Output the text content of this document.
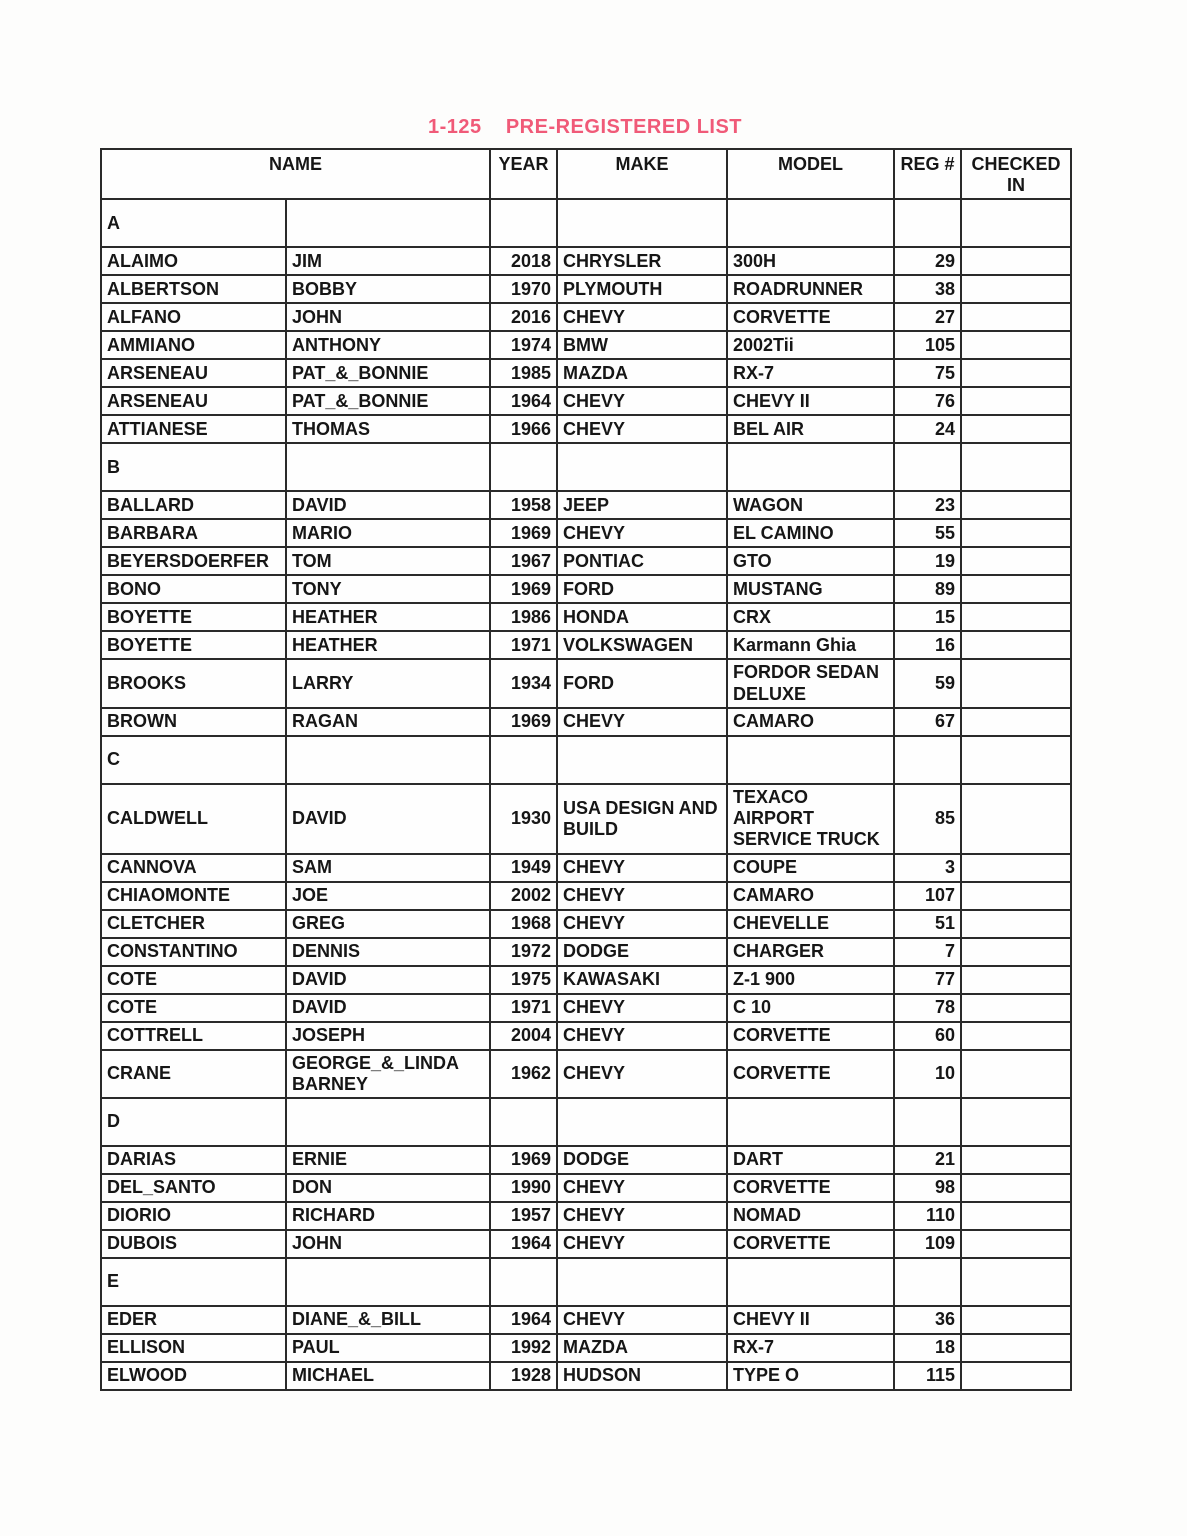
1-125    PRE-REGISTERED LIST
NAME		YEAR	MAKE	MODEL	REG #	CHECKED IN
A						
ALAIMO	JIM	2018	CHRYSLER	300H	29	
ALBERTSON	BOBBY	1970	PLYMOUTH	ROADRUNNER	38	
ALFANO	JOHN	2016	CHEVY	CORVETTE	27	
AMMIANO	ANTHONY	1974	BMW	2002Tii	105	
ARSENEAU	PAT_&_BONNIE	1985	MAZDA	RX-7	75	
ARSENEAU	PAT_&_BONNIE	1964	CHEVY	CHEVY II	76	
ATTIANESE	THOMAS	1966	CHEVY	BEL AIR	24	
B						
BALLARD	DAVID	1958	JEEP	WAGON	23	
BARBARA	MARIO	1969	CHEVY	EL CAMINO	55	
BEYERSDOERFER	TOM	1967	PONTIAC	GTO	19	
BONO	TONY	1969	FORD	MUSTANG	89	
BOYETTE	HEATHER	1986	HONDA	CRX	15	
BOYETTE	HEATHER	1971	VOLKSWAGEN	Karmann Ghia	16	
BROOKS	LARRY	1934	FORD	FORDOR SEDAN DELUXE	59	
BROWN	RAGAN	1969	CHEVY	CAMARO	67	
C						
CALDWELL	DAVID	1930	USA DESIGN AND BUILD	TEXACO AIRPORT SERVICE TRUCK	85	
CANNOVA	SAM	1949	CHEVY	COUPE	3	
CHIAOMONTE	JOE	2002	CHEVY	CAMARO	107	
CLETCHER	GREG	1968	CHEVY	CHEVELLE	51	
CONSTANTINO	DENNIS	1972	DODGE	CHARGER	7	
COTE	DAVID	1975	KAWASAKI	Z-1 900	77	
COTE	DAVID	1971	CHEVY	C 10	78	
COTTRELL	JOSEPH	2004	CHEVY	CORVETTE	60	
CRANE	GEORGE_&_LINDA BARNEY	1962	CHEVY	CORVETTE	10	
D						
DARIAS	ERNIE	1969	DODGE	DART	21	
DEL_SANTO	DON	1990	CHEVY	CORVETTE	98	
DIORIO	RICHARD	1957	CHEVY	NOMAD	110	
DUBOIS	JOHN	1964	CHEVY	CORVETTE	109	
E						
EDER	DIANE_&_BILL	1964	CHEVY	CHEVY II	36	
ELLISON	PAUL	1992	MAZDA	RX-7	18	
ELWOOD	MICHAEL	1928	HUDSON	TYPE O	115	
